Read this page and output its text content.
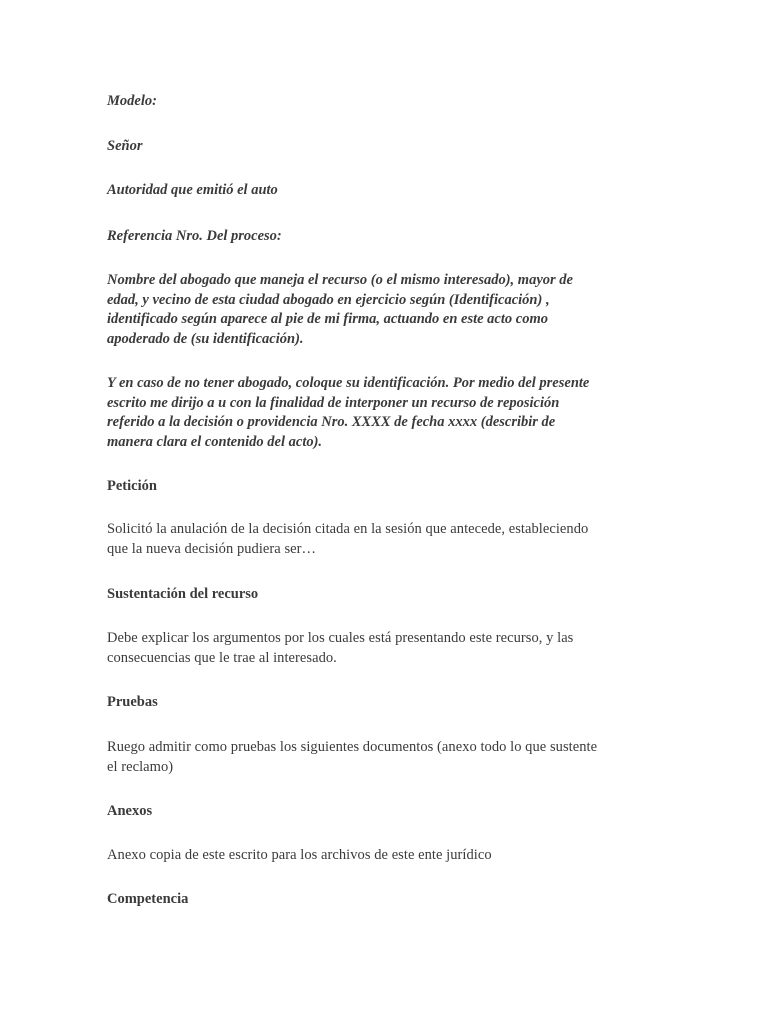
Modelo:

Señor

Autoridad que emitió el auto

Referencia Nro. Del proceso:

Nombre del abogado que maneja el recurso (o el mismo interesado), mayor de
edad, y vecino de esta ciudad abogado en ejercicio según (Identificación) ,
identificado según aparece al pie de mi firma, actuando en este acto como
apoderado de (su identificación).
Y en caso de no tener abogado, coloque su identificación. Por medio del presente
escrito me dirijo a u con la finalidad de interponer un recurso de reposición
referido a la decisión o providencia Nro. XXXX de fecha xxxx (describir de
manera clara el contenido del acto).

Petición

Solicitó la anulación de la decisión citada en la sesión que antecede, estableciendo
que la nueva decisión pudiera ser…

Sustentación del recurso

Debe explicar los argumentos por los cuales está presentando este recurso, y las
consecuencias que le trae al interesado.

Pruebas

Ruego admitir como pruebas los siguientes documentos (anexo todo lo que sustente
el reclamo)

Anexos

Anexo copia de este escrito para los archivos de este ente jurídico

Competencia
